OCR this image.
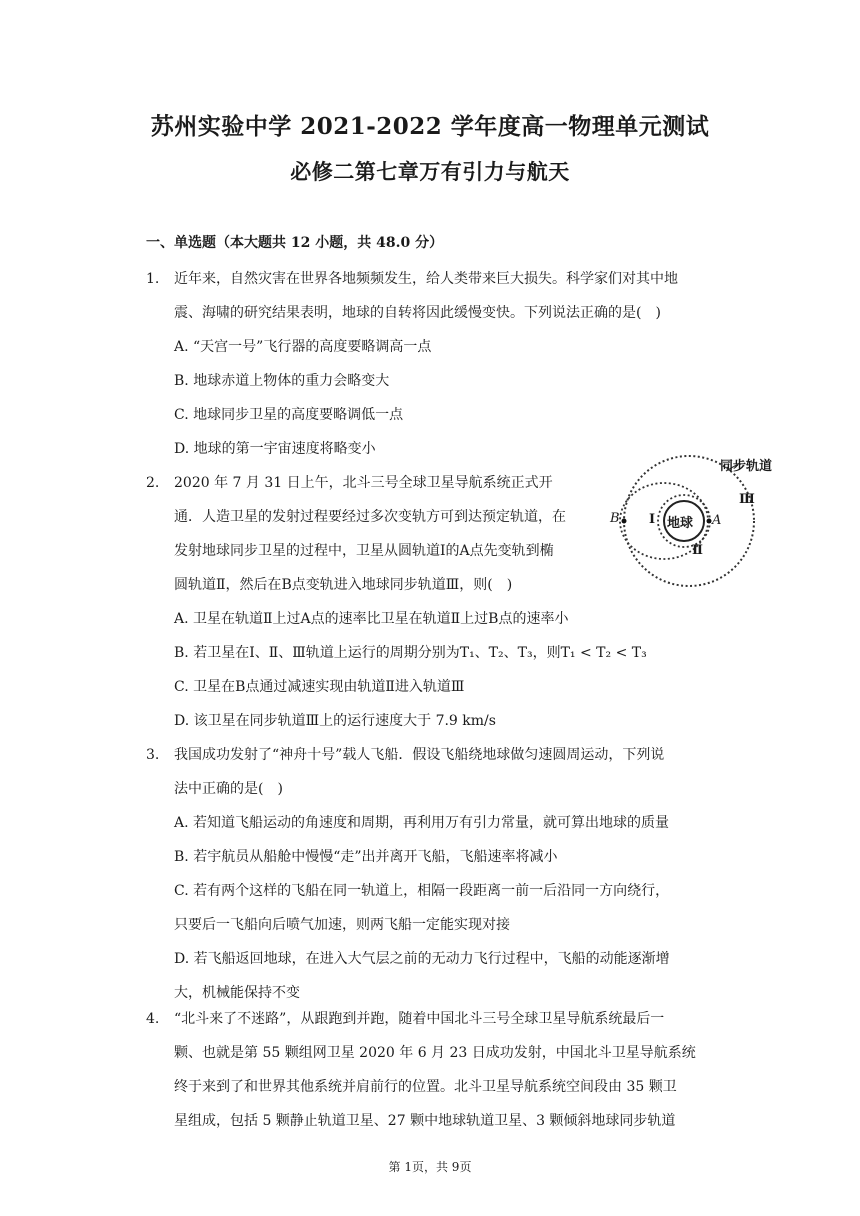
苏州实验中学 2021-2022 学年度高一物理单元测试
必修二第七章万有引力与航天
一、单选题（本大题共 12 小题，共 48.0 分）
1. 近年来，自然灾害在世界各地频频发生，给人类带来巨大损失。科学家们对其中地
震、海啸的研究结果表明，地球的自转将因此缓慢变快。下列说法正确的是(　)
A. “天宫一号”飞行器的高度要略调高一点
B. 地球赤道上物体的重力会略变大
C. 地球同步卫星的高度要略调低一点
D. 地球的第一宇宙速度将略变小
2. 2020 年 7 月 31 日上午，北斗三号全球卫星导航系统正式开
通．人造卫星的发射过程要经过多次变轨方可到达预定轨道，在
发射地球同步卫星的过程中，卫星从圆轨道Ⅰ的A点先变轨到椭
圆轨道Ⅱ，然后在B点变轨进入地球同步轨道Ⅲ，则(　)
A. 卫星在轨道Ⅱ上过A点的速率比卫星在轨道Ⅱ上过B点的速率小
B. 若卫星在Ⅰ、Ⅱ、Ⅲ轨道上运行的周期分别为T₁、T₂、T₃，则T₁ < T₂ < T₃
C. 卫星在B点通过减速实现由轨道Ⅱ进入轨道Ⅲ
D. 该卫星在同步轨道Ⅲ上的运行速度大于 7.9 km/s
同步轨道
地球
Ⅰ
Ⅱ
Ⅲ
A
B
3. 我国成功发射了“神舟十号”载人飞船．假设飞船绕地球做匀速圆周运动，下列说
法中正确的是(　)
A. 若知道飞船运动的角速度和周期，再利用万有引力常量，就可算出地球的质量
B. 若宇航员从船舱中慢慢“走”出并离开飞船，飞船速率将减小
C. 若有两个这样的飞船在同一轨道上，相隔一段距离一前一后沿同一方向绕行，
只要后一飞船向后喷气加速，则两飞船一定能实现对接
D. 若飞船返回地球，在进入大气层之前的无动力飞行过程中，飞船的动能逐渐增
大，机械能保持不变
4. “北斗来了不迷路”，从跟跑到并跑，随着中国北斗三号全球卫星导航系统最后一
颗、也就是第 55 颗组网卫星 2020 年 6 月 23 日成功发射，中国北斗卫星导航系统
终于来到了和世界其他系统并肩前行的位置。北斗卫星导航系统空间段由 35 颗卫
星组成，包括 5 颗静止轨道卫星、27 颗中地球轨道卫星、3 颗倾斜地球同步轨道
第 1页，共 9页
